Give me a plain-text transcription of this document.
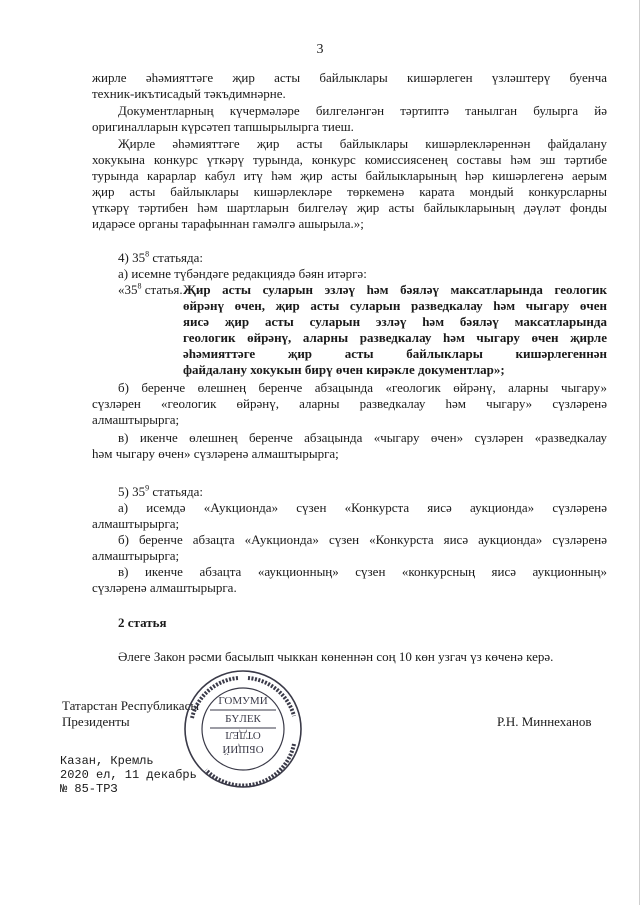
3
жирле әһәмияттәге җир асты байлыклары кишәрлеген үзләштерү буенча
техник-икътисадый тәкъдимнәрне.
Документларның күчермәләре билгеләнгән тәртиптә танылган булырга йә
оригиналларын күрсәтеп тапшырылырга тиеш.
Җирле әһәмияттәге җир асты байлыклары кишәрлекләреннән файдалану
хокукына конкурс үткәрү турында, конкурс комиссиясенең составы һәм эш тәртибе
турында карарлар кабул итү һәм җир асты байлыкларының һәр кишәрлегенә аерым
җир асты байлыклары кишәрлекләре төркеменә карата мондый конкурсларны
үткәрү тәртибен һәм шартларын билгеләү җир асты байлыкларының дәүләт фонды
идарәсе органы тарафыннан гамәлгә ашырыла.»;
4) $35^8$ статьяда:
а) исемне түбәндәге редакциядә бәян итәргә:
«$35^8$ статья. Җир асты суларын эзләү һәм бәяләү максатларында геологик
өйрәнү өчен, җир асты суларын разведкалау һәм чыгару өчен
яисә җир асты суларын эзләү һәм бәяләү максатларында
геологик өйрәнү, аларны разведкалау һәм чыгару өчен җирле
әһәмияттәге җир асты байлыклары кишәрлегеннән
файдалану хокукын бирү өчен кирәкле документлар»;
б) беренче өлешнең беренче абзацында «геологик өйрәнү, аларны чыгару»
сүзләрен «геологик өйрәнү, аларны разведкалау һәм чыгару» сүзләренә
алмаштырырга;
в) икенче өлешнең беренче абзацында «чыгару өчен» сүзләрен «разведкалау
һәм чыгару өчен» сүзләренә алмаштырырга;
5) $35^9$ статьяда:
а) исемдә «Аукционда» сүзен «Конкурста яисә аукционда» сүзләренә
алмаштырырга;
б) беренче абзацта «Аукционда» сүзен «Конкурста яисә аукционда» сүзләренә
алмаштырырга;
в) икенче абзацта «аукционның» сүзен «конкурсның яисә аукционның»
сүзләренә алмаштырырга.
2 статья
Әлеге Закон рәсми басылып чыккан көненнән соң 10 көн узгач үз көченә керә.
Татарстан Республикасы
Президенты	Р.Н. Миннеханов
ГОМУМИ
БҮЛЕК
ОТДЕЛ
ОБЩИЙ
Казан, Кремль
2020 ел, 11 декабрь
№ 85-ТРЗ
